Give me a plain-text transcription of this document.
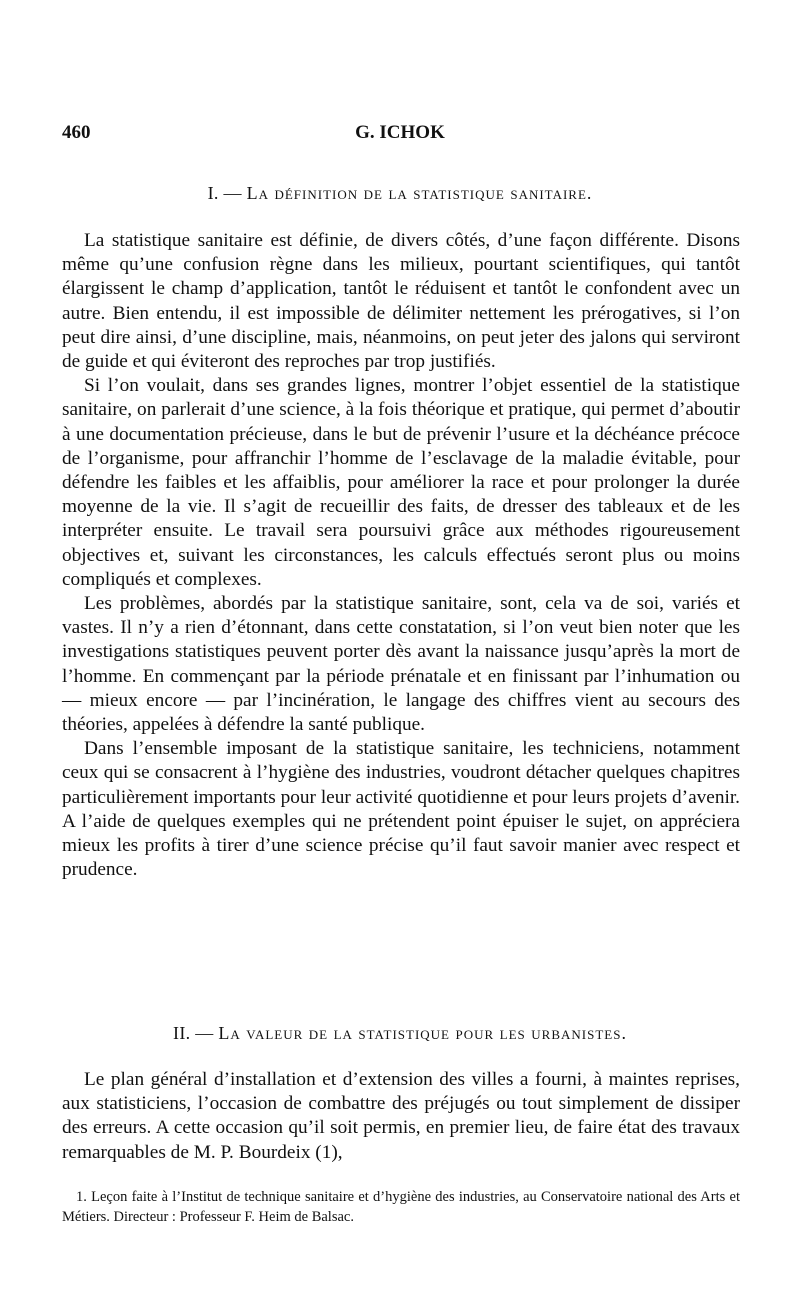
460	G. ICHOK
I. — La définition de la statistique sanitaire.

La statistique sanitaire est définie, de divers côtés, d’une façon différente. Disons même qu’une confusion règne dans les milieux, pourtant scientifiques, qui tantôt élargissent le champ d’application, tantôt le réduisent et tantôt le confondent avec un autre. Bien entendu, il est impossible de délimiter nettement les prérogatives, si l’on peut dire ainsi, d’une discipline, mais, néanmoins, on peut jeter des jalons qui serviront de guide et qui éviteront des reproches par trop justifiés.

Si l’on voulait, dans ses grandes lignes, montrer l’objet essentiel de la statistique sanitaire, on parlerait d’une science, à la fois théorique et pratique, qui permet d’aboutir à une documentation précieuse, dans le but de prévenir l’usure et la déchéance précoce de l’organisme, pour affranchir l’homme de l’esclavage de la maladie évitable, pour défendre les faibles et les affaiblis, pour améliorer la race et pour prolonger la durée moyenne de la vie. Il s’agit de recueillir des faits, de dresser des tableaux et de les interpréter ensuite. Le travail sera poursuivi grâce aux méthodes rigoureusement objectives et, suivant les circonstances, les calculs effectués seront plus ou moins compliqués et complexes.

Les problèmes, abordés par la statistique sanitaire, sont, cela va de soi, variés et vastes. Il n’y a rien d’étonnant, dans cette constatation, si l’on veut bien noter que les investigations statistiques peuvent porter dès avant la naissance jusqu’après la mort de l’homme. En commençant par la période prénatale et en finissant par l’inhumation ou — mieux encore — par l’incinération, le langage des chiffres vient au secours des théories, appelées à défendre la santé publique.

Dans l’ensemble imposant de la statistique sanitaire, les techniciens, notamment ceux qui se consacrent à l’hygiène des industries, voudront détacher quelques chapitres particulièrement importants pour leur activité quotidienne et pour leurs projets d’avenir. A l’aide de quelques exemples qui ne prétendent point épuiser le sujet, on appréciera mieux les profits à tirer d’une science précise qu’il faut savoir manier avec respect et prudence.

II. — La valeur de la statistique pour les urbanistes.

Le plan général d’installation et d’extension des villes a fourni, à maintes reprises, aux statisticiens, l’occasion de combattre des préjugés ou tout simplement de dissiper des erreurs. A cette occasion qu’il soit permis, en premier lieu, de faire état des travaux remarquables de M. P. Bourdeix (1),

1. Leçon faite à l’Institut de technique sanitaire et d’hygiène des industries, au Conservatoire national des Arts et Métiers. Directeur : Professeur F. Heim de Balsac.
